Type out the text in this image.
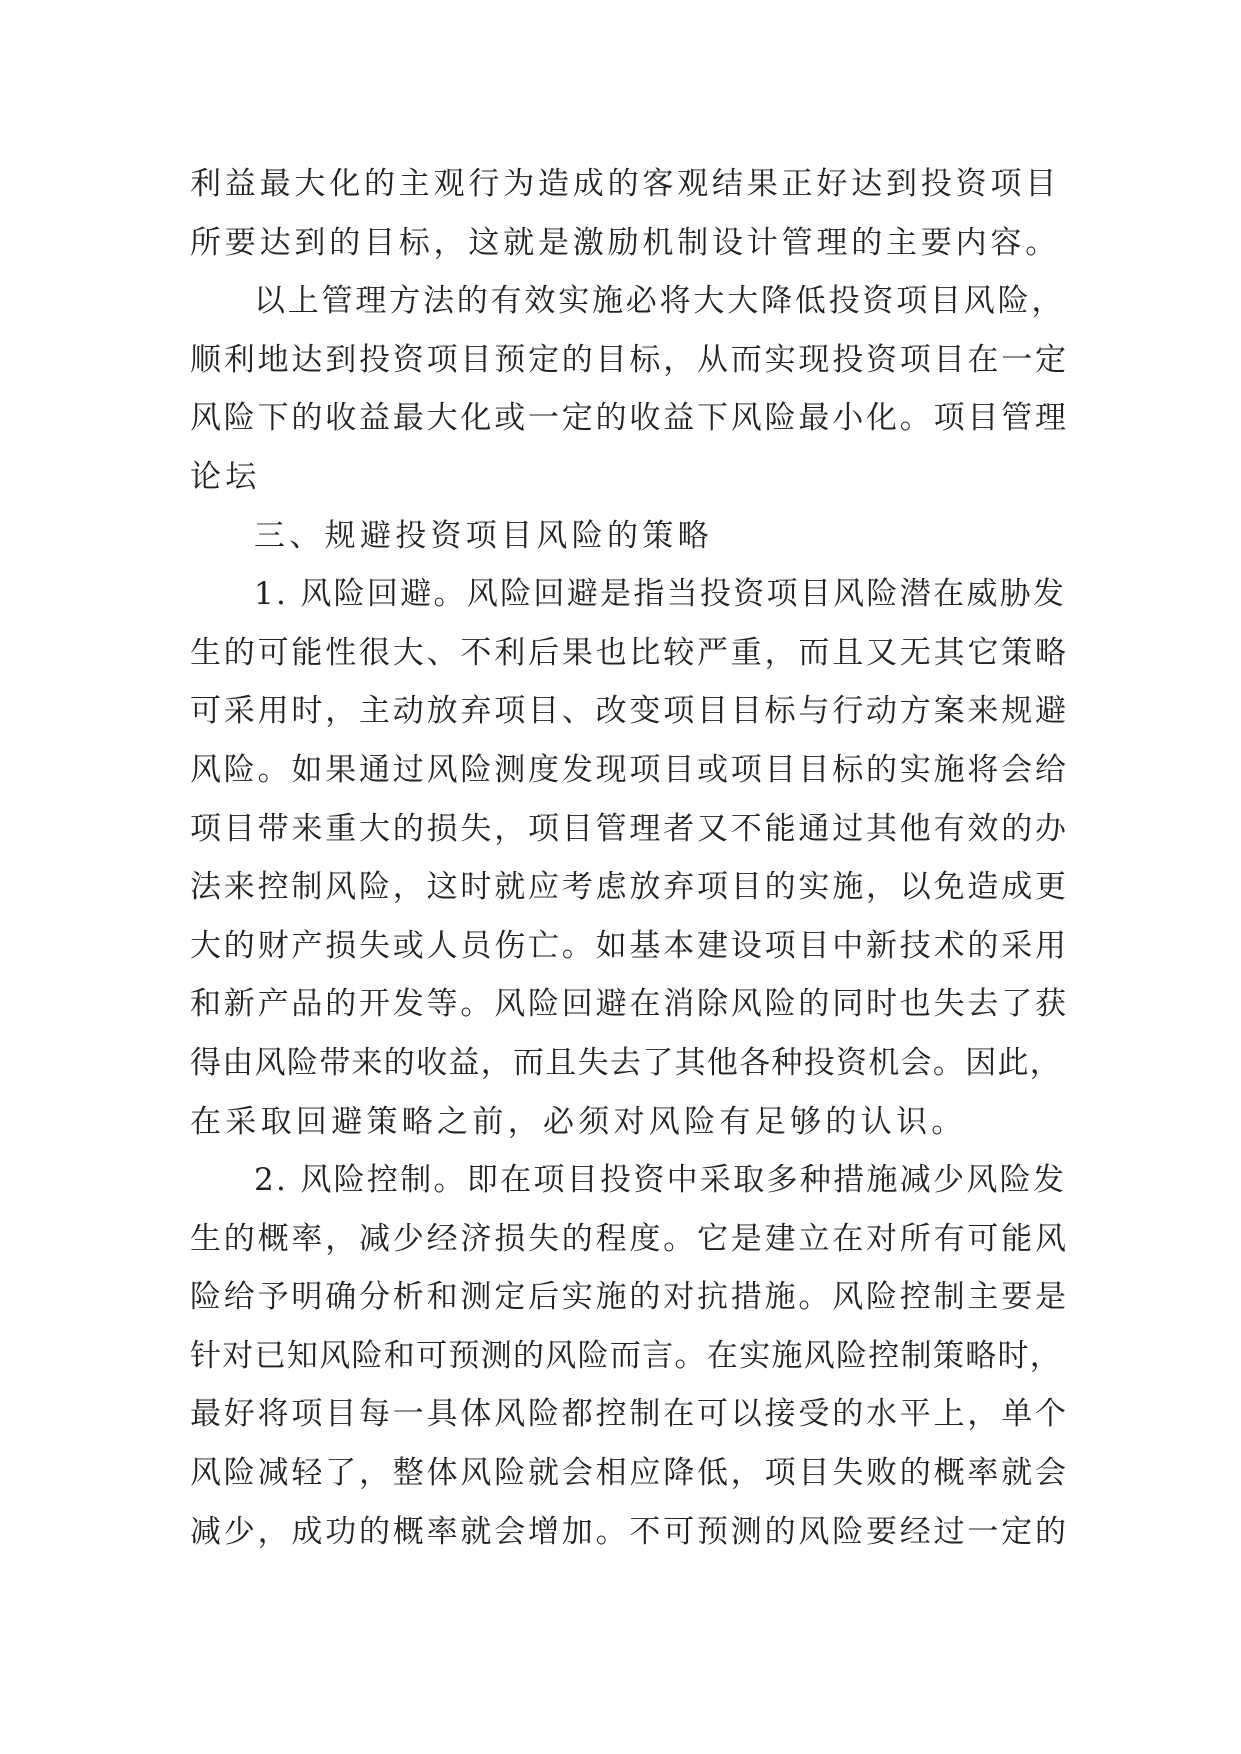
利益最大化的主观行为造成的客观结果正好达到投资项目
所要达到的目标，这就是激励机制设计管理的主要内容。
以上管理方法的有效实施必将大大降低投资项目风险，
顺利地达到投资项目预定的目标，从而实现投资项目在一定
风险下的收益最大化或一定的收益下风险最小化。项目管理
论坛
三、规避投资项目风险的策略
1. 风险回避。风险回避是指当投资项目风险潜在威胁发
生的可能性很大、不利后果也比较严重，而且又无其它策略
可采用时，主动放弃项目、改变项目目标与行动方案来规避
风险。如果通过风险测度发现项目或项目目标的实施将会给
项目带来重大的损失，项目管理者又不能通过其他有效的办
法来控制风险，这时就应考虑放弃项目的实施，以免造成更
大的财产损失或人员伤亡。如基本建设项目中新技术的采用
和新产品的开发等。风险回避在消除风险的同时也失去了获
得由风险带来的收益，而且失去了其他各种投资机会。因此，
在采取回避策略之前，必须对风险有足够的认识。
2. 风险控制。即在项目投资中采取多种措施减少风险发
生的概率，减少经济损失的程度。它是建立在对所有可能风
险给予明确分析和测定后实施的对抗措施。风险控制主要是
针对已知风险和可预测的风险而言。在实施风险控制策略时，
最好将项目每一具体风险都控制在可以接受的水平上，单个
风险减轻了，整体风险就会相应降低，项目失败的概率就会
减少，成功的概率就会增加。不可预测的风险要经过一定的
